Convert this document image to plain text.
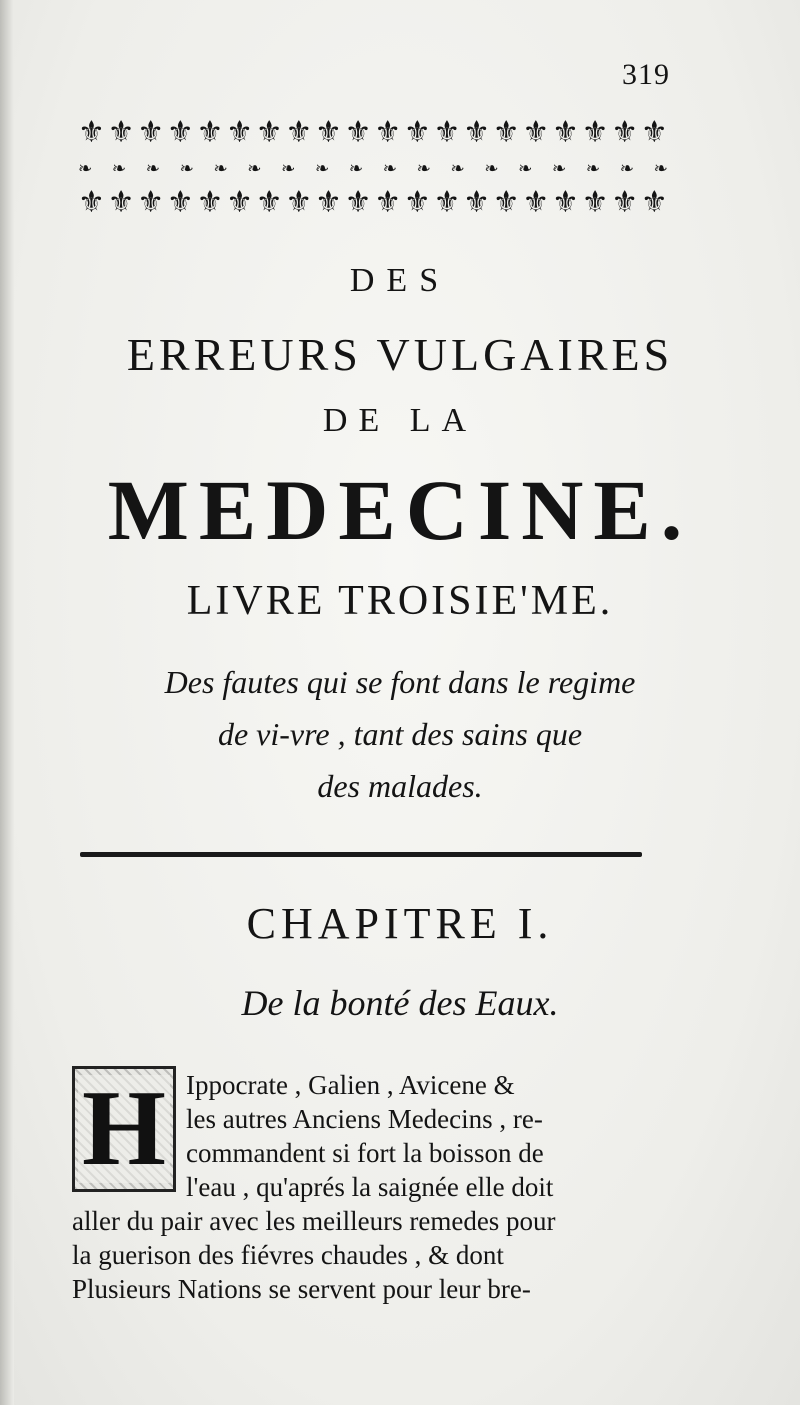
319
⚜ ⚜ ⚜ ⚜ ⚜ ⚜ ⚜ ⚜ ⚜ ⚜ ⚜ ⚜ ⚜ ⚜ ⚜ ⚜ ⚜ ⚜ ⚜ ⚜
❧ ❧ ❧ ❧ ❧ ❧ ❧ ❧ ❧ ❧ ❧ ❧ ❧ ❧ ❧ ❧ ❧ ❧
⚜ ⚜ ⚜ ⚜ ⚜ ⚜ ⚜ ⚜ ⚜ ⚜ ⚜ ⚜ ⚜ ⚜ ⚜ ⚜ ⚜ ⚜ ⚜ ⚜
DES
ERREURS VULGAIRES
DE LA
MEDECINE.
LIVRE TROISIE'ME.
Des fautes qui se font dans le regime
de vi-vre , tant des sains que
des malades.
CHAPITRE I.
De la bonté des Eaux.
H Ippocrate , Galien , Avicene &
les autres Anciens Medecins , re-
commandent si fort la boisson de
l'eau , qu'aprés la saignée elle doit
aller du pair avec les meilleurs remedes pour
la guerison des fiévres chaudes , & dont
Plusieurs Nations se servent pour leur bre-
